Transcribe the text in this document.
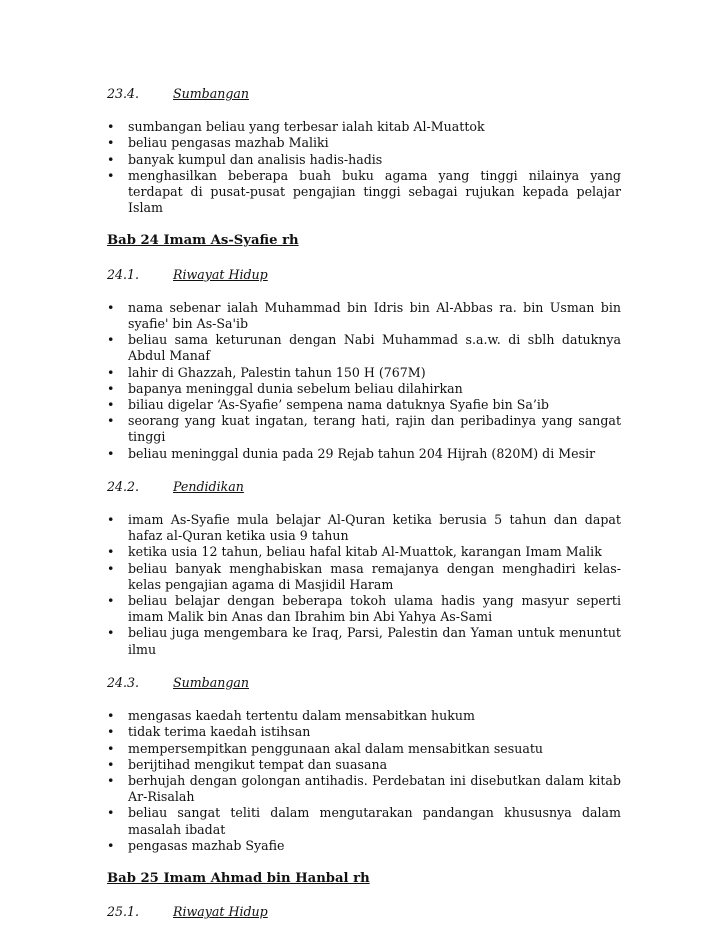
23.4.	Sumbangan
• sumbangan beliau yang terbesar ialah kitab Al-Muattok
• beliau pengasas mazhab Maliki
• banyak kumpul dan analisis hadis-hadis
• menghasilkan beberapa buah buku agama yang tinggi nilainya yang terdapat di pusat-pusat pengajian tinggi sebagai rujukan kepada pelajar Islam
Bab 24 Imam As-Syafie rh
24.1.	Riwayat Hidup
• nama sebenar ialah Muhammad bin Idris bin Al-Abbas ra. bin Usman bin syafie' bin As-Sa'ib
• beliau sama keturunan dengan Nabi Muhammad s.a.w. di sblh datuknya Abdul Manaf
• lahir di Ghazzah, Palestin tahun 150 H (767M)
• bapanya meninggal dunia sebelum beliau dilahirkan
• biliau digelar ‘As-Syafie’ sempena nama datuknya Syafie bin Sa’ib
• seorang yang kuat ingatan, terang hati, rajin dan peribadinya yang sangat tinggi
• beliau meninggal dunia pada 29 Rejab tahun 204 Hijrah (820M) di Mesir
24.2.	Pendidikan
• imam As-Syafie mula belajar Al-Quran ketika berusia 5 tahun dan dapat hafaz al-Quran ketika usia 9 tahun
• ketika usia 12 tahun, beliau hafal kitab Al-Muattok, karangan Imam Malik
• beliau banyak menghabiskan masa remajanya dengan menghadiri kelas-kelas pengajian agama di Masjidil Haram
• beliau belajar dengan beberapa tokoh ulama hadis yang masyur seperti imam Malik bin Anas dan Ibrahim bin Abi Yahya As-Sami
• beliau juga mengembara ke Iraq, Parsi, Palestin dan Yaman untuk menuntut ilmu
24.3.	Sumbangan
• mengasas kaedah tertentu dalam mensabitkan hukum
• tidak terima kaedah istihsan
• mempersempitkan penggunaan akal dalam mensabitkan sesuatu
• berijtihad mengikut tempat dan suasana
• berhujah dengan golongan antihadis. Perdebatan ini disebutkan dalam kitab Ar-Risalah
• beliau sangat teliti dalam mengutarakan pandangan khususnya dalam masalah ibadat
• pengasas mazhab Syafie
Bab 25 Imam Ahmad bin Hanbal rh
25.1.	Riwayat Hidup
